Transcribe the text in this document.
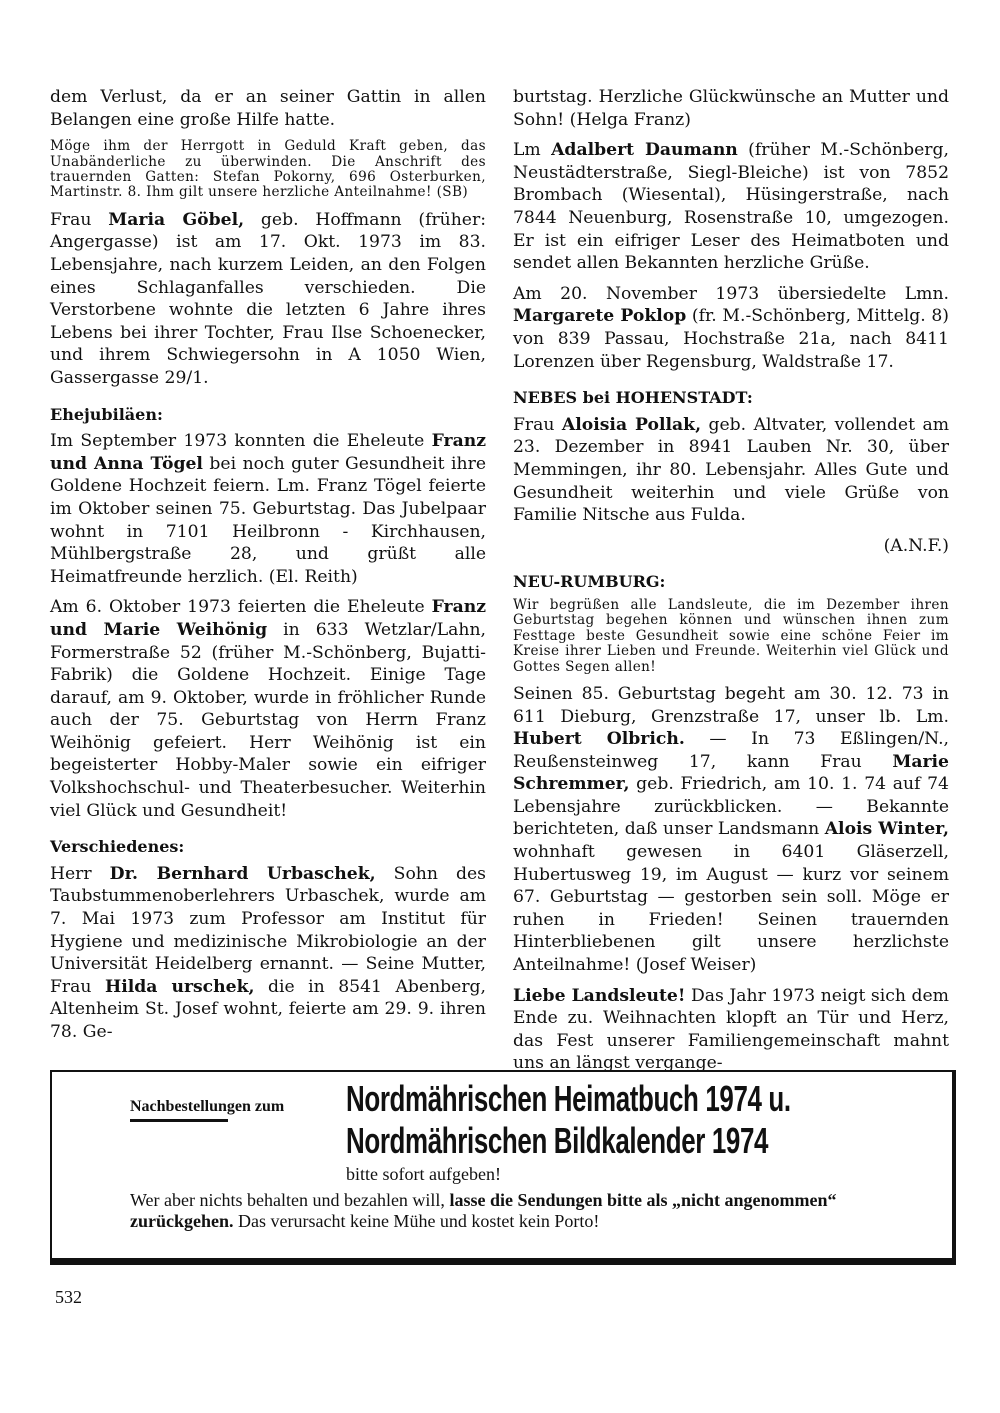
dem Verlust, da er an seiner Gattin in allen Belangen eine große Hilfe hatte.
Möge ihm der Herrgott in Geduld Kraft geben, das Unabänderliche zu überwinden. Die Anschrift des trauernden Gatten: Stefan Pokorny, 696 Osterburken, Martinstr. 8. Ihm gilt unsere herzliche Anteilnahme! (SB)
Frau Maria Göbel, geb. Hoffmann (früher: Angergasse) ist am 17. Okt. 1973 im 83. Lebensjahre, nach kurzem Leiden, an den Folgen eines Schlaganfalles verschieden. Die Verstorbene wohnte die letzten 6 Jahre ihres Lebens bei ihrer Tochter, Frau Ilse Schoenecker, und ihrem Schwiegersohn in A 1050 Wien, Gassergasse 29/1.
Ehejubiläen:
Im September 1973 konnten die Eheleute Franz und Anna Tögel bei noch guter Gesundheit ihre Goldene Hochzeit feiern. Lm. Franz Tögel feierte im Oktober seinen 75. Geburtstag. Das Jubelpaar wohnt in 7101 Heilbronn - Kirchhausen, Mühlbergstraße 28, und grüßt alle Heimatfreunde herzlich. (El. Reith)
Am 6. Oktober 1973 feierten die Eheleute Franz und Marie Weihönig in 633 Wetzlar/Lahn, Formerstraße 52 (früher M.-Schönberg, Bujatti-Fabrik) die Goldene Hochzeit. Einige Tage darauf, am 9. Oktober, wurde in fröhlicher Runde auch der 75. Geburtstag von Herrn Franz Weihönig gefeiert. Herr Weihönig ist ein begeisterter Hobby-Maler sowie ein eifriger Volkshochschul- und Theaterbesucher. Weiterhin viel Glück und Gesundheit!
Verschiedenes:
Herr Dr. Bernhard Urbaschek, Sohn des Taubstummenoberlehrers Urbaschek, wurde am 7. Mai 1973 zum Professor am Institut für Hygiene und medizinische Mikrobiologie an der Universität Heidelberg ernannt. — Seine Mutter, Frau Hilda urschek, die in 8541 Abenberg, Altenheim St. Josef wohnt, feierte am 29. 9. ihren 78. Ge-
burtstag. Herzliche Glückwünsche an Mutter und Sohn! (Helga Franz)
Lm Adalbert Daumann (früher M.-Schönberg, Neustädterstraße, Siegl-Bleiche) ist von 7852 Brombach (Wiesental), Hüsingerstraße, nach 7844 Neuenburg, Rosenstraße 10, umgezogen. Er ist ein eifriger Leser des Heimatboten und sendet allen Bekannten herzliche Grüße.
Am 20. November 1973 übersiedelte Lmn. Margarete Poklop (fr. M.-Schönberg, Mittelg. 8) von 839 Passau, Hochstraße 21a, nach 8411 Lorenzen über Regensburg, Waldstraße 17.
NEBES bei HOHENSTADT:
Frau Aloisia Pollak, geb. Altvater, vollendet am 23. Dezember in 8941 Lauben Nr. 30, über Memmingen, ihr 80. Lebensjahr. Alles Gute und Gesundheit weiterhin und viele Grüße von Familie Nitsche aus Fulda.
(A.N.F.)
NEU-RUMBURG:
Wir begrüßen alle Landsleute, die im Dezember ihren Geburtstag begehen können und wünschen ihnen zum Festtage beste Gesundheit sowie eine schöne Feier im Kreise ihrer Lieben und Freunde. Weiterhin viel Glück und Gottes Segen allen!
Seinen 85. Geburtstag begeht am 30. 12. 73 in 611 Dieburg, Grenzstraße 17, unser lb. Lm. Hubert Olbrich. — In 73 Eßlingen/N., Reußensteinweg 17, kann Frau Marie Schremmer, geb. Friedrich, am 10. 1. 74 auf 74 Lebensjahre zurückblicken. — Bekannte berichteten, daß unser Landsmann Alois Winter, wohnhaft gewesen in 6401 Gläserzell, Hubertusweg 19, im August — kurz vor seinem 67. Geburtstag — gestorben sein soll. Möge er ruhen in Frieden! Seinen trauernden Hinterbliebenen gilt unsere herzlichste Anteilnahme! (Josef Weiser)
Liebe Landsleute! Das Jahr 1973 neigt sich dem Ende zu. Weihnachten klopft an Tür und Herz, das Fest unserer Familiengemeinschaft mahnt uns an längst vergange-
Nachbestellungen zum Nordmährischen Heimatbuch 1974 u.
Nordmährischen Bildkalender 1974
bitte sofort aufgeben!
Wer aber nichts behalten und bezahlen will, lasse die Sendungen bitte als „nicht angenommen“ zurückgehen. Das verursacht keine Mühe und kostet kein Porto!
532
